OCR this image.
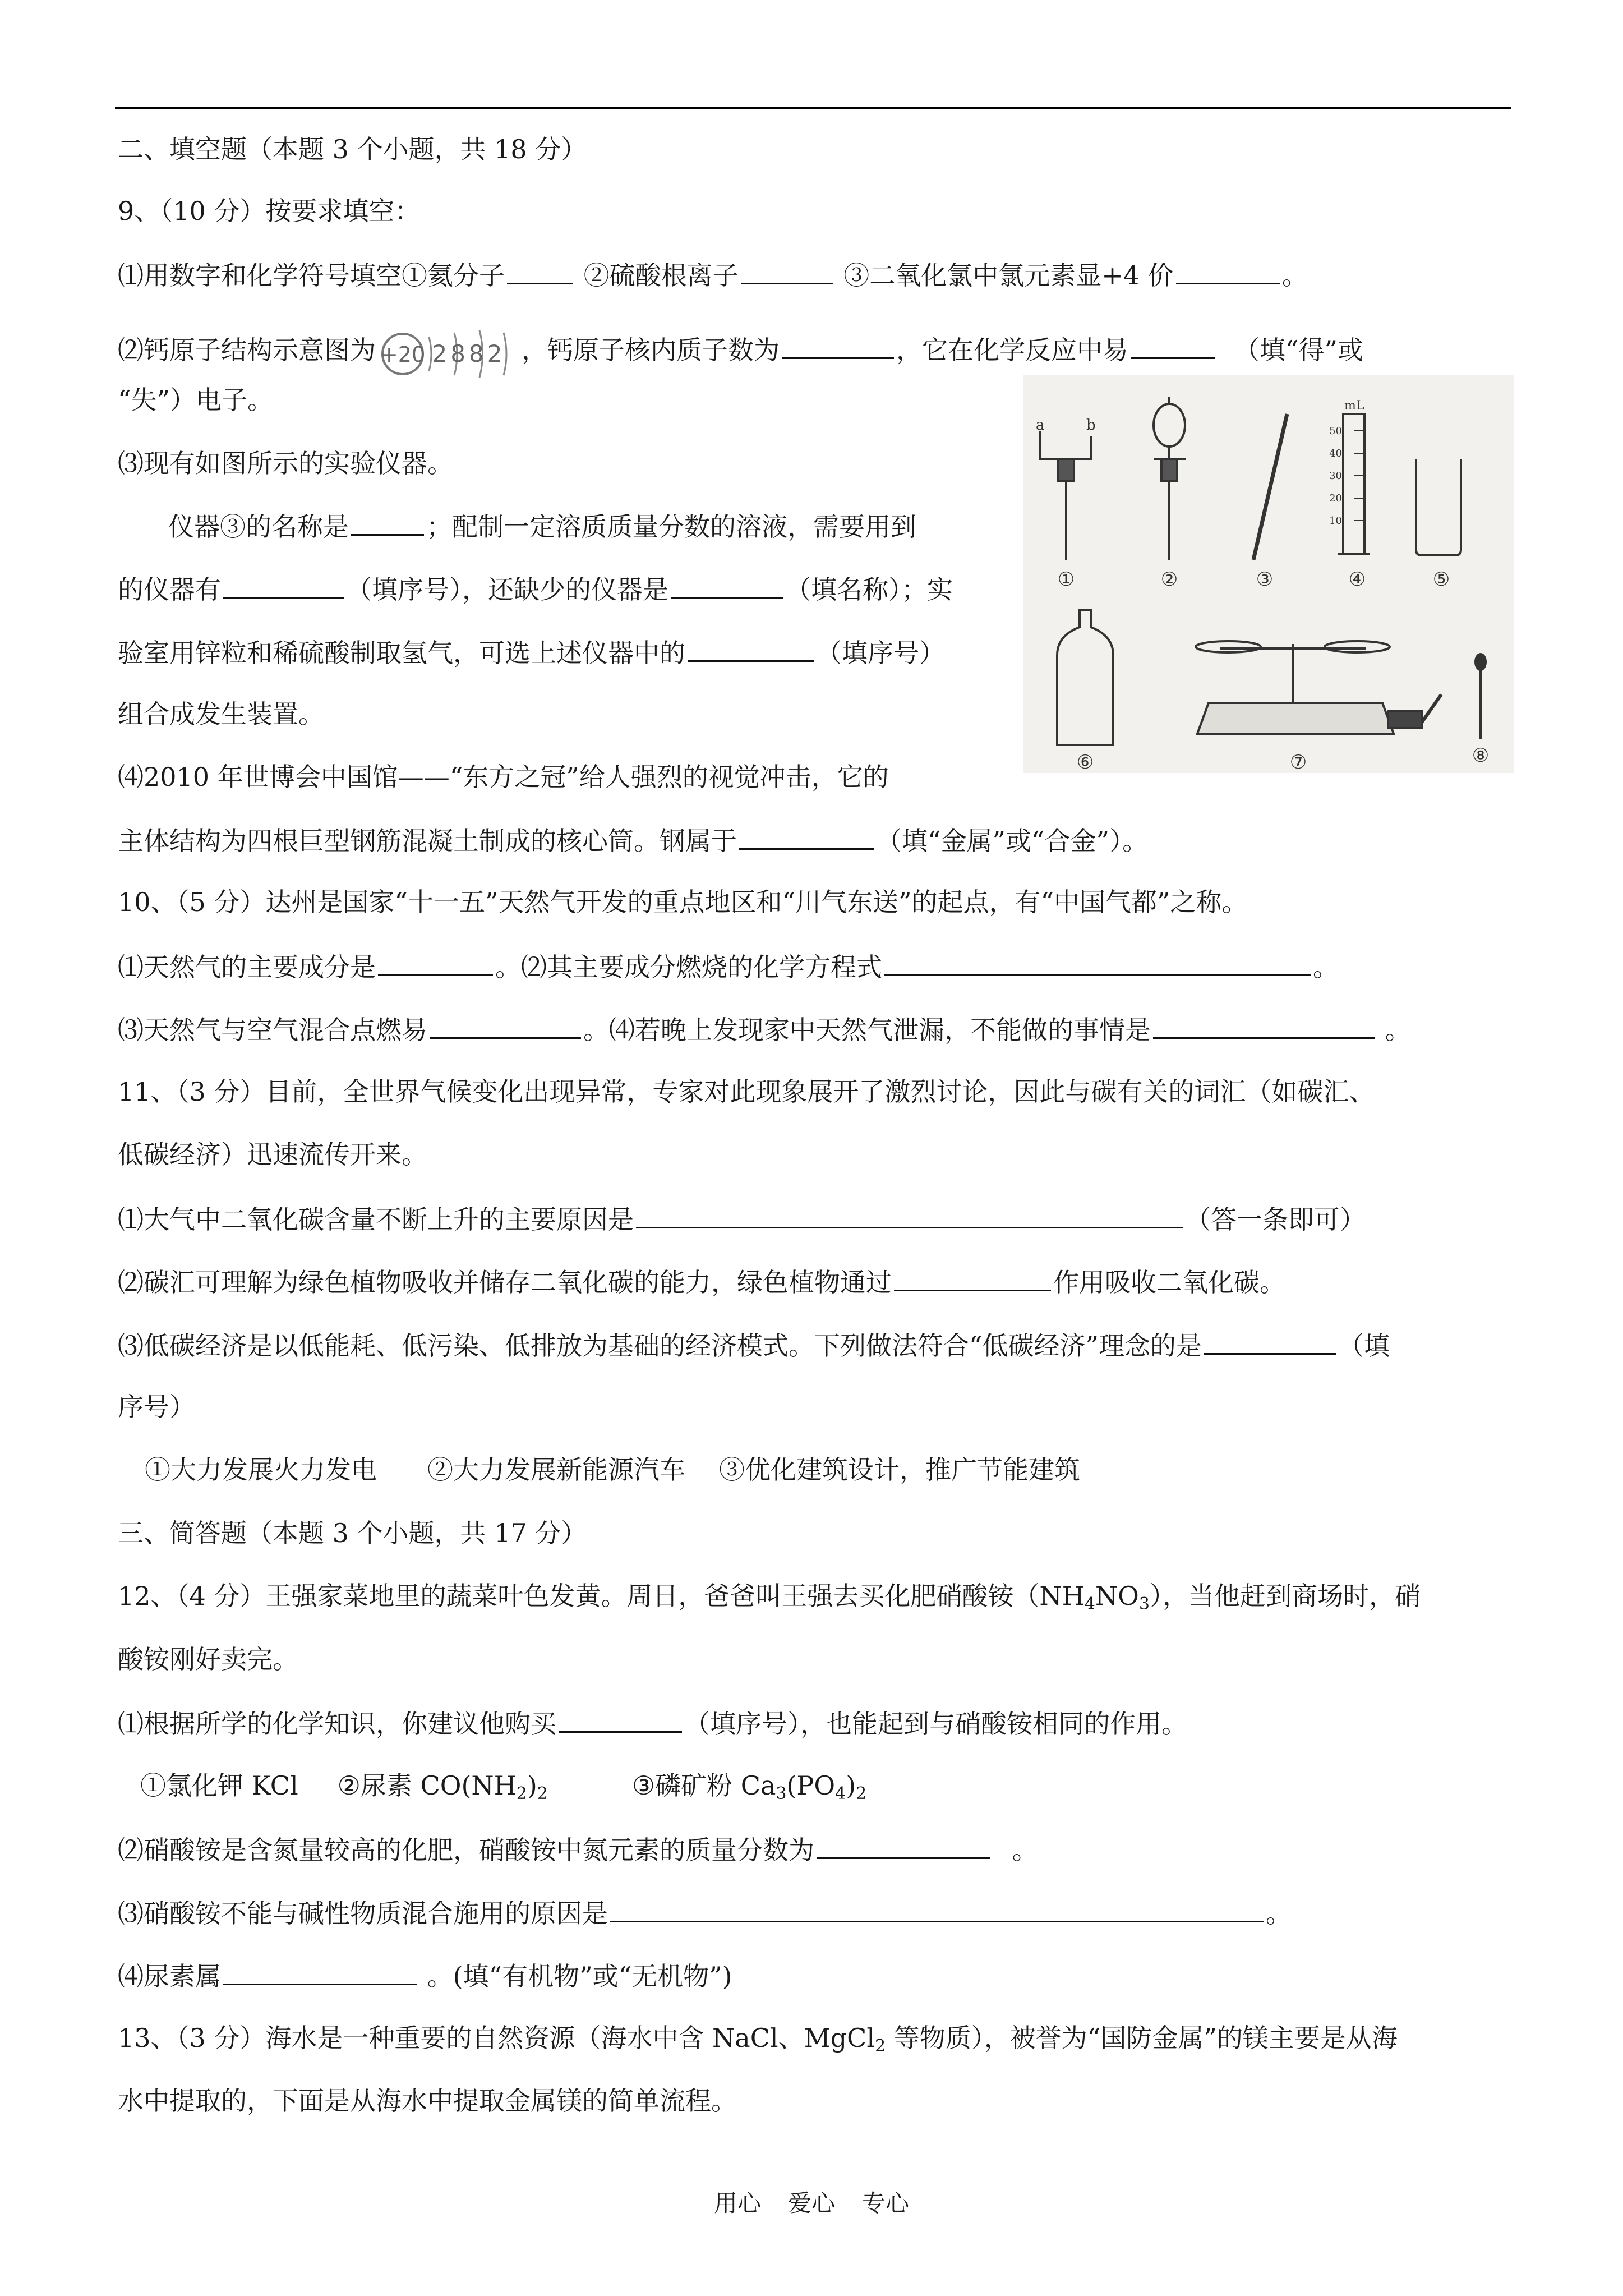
二、填空题（本题 3 个小题，共 18 分）
9、（10 分）按要求填空：
⑴用数字和化学符号填空①氦分子	②硫酸根离子	③二氧化氯中氯元素显+4 价	。
⑵钙原子结构示意图为 +20 2882 ，钙原子核内质子数为	，它在化学反应中易	（填“得”或
“失”）电子。
⑶现有如图所示的实验仪器。
仪器③的名称是	；配制一定溶质质量分数的溶液，需要用到
的仪器有	（填序号），还缺少的仪器是	（填名称）；实
验室用锌粒和稀硫酸制取氢气，可选上述仪器中的	（填序号）
组合成发生装置。
⑷2010 年世博会中国馆——“东方之冠”给人强烈的视觉冲击，它的
主体结构为四根巨型钢筋混凝土制成的核心筒。钢属于	（填“金属”或“合金”）。
a	b
mL
50
40
30
20
10
①	②	③	④	⑤
⑥	⑦	⑧
10、（5 分）达州是国家“十一五”天然气开发的重点地区和“川气东送”的起点，有“中国气都”之称。
⑴天然气的主要成分是	。⑵其主要成分燃烧的化学方程式	。
⑶天然气与空气混合点燃易	。⑷若晚上发现家中天然气泄漏，不能做的事情是	。
11、（3 分）目前，全世界气候变化出现异常，专家对此现象展开了激烈讨论，因此与碳有关的词汇（如碳汇、
低碳经济）迅速流传开来。
⑴大气中二氧化碳含量不断上升的主要原因是	（答一条即可）
⑵碳汇可理解为绿色植物吸收并储存二氧化碳的能力，绿色植物通过	作用吸收二氧化碳。
⑶低碳经济是以低能耗、低污染、低排放为基础的经济模式。下列做法符合“低碳经济”理念的是	（填
序号）
①大力发展火力发电 ②大力发展新能源汽车 ③优化建筑设计，推广节能建筑
三、简答题（本题 3 个小题，共 17 分）
12、（4 分）王强家菜地里的蔬菜叶色发黄。周日，爸爸叫王强去买化肥硝酸铵$(NH_4NO_3)$，当他赶到商场时，硝
酸铵刚好卖完。
⑴根据所学的化学知识，你建议他购买	（填序号），也能起到与硝酸铵相同的作用。
①氯化钾 KCl ②尿素 $CO(NH_2)_2$	③磷矿粉 $Ca_3(PO_4)_2$
⑵硝酸铵是含氮量较高的化肥，硝酸铵中氮元素的质量分数为	。
⑶硝酸铵不能与碱性物质混合施用的原因是	。
⑷尿素属	。(填“有机物”或“无机物”)
13、（3 分）海水是一种重要的自然资源（海水中含 NaCl、MgCl$_2$ 等物质），被誉为“国防金属”的镁主要是从海
水中提取的，下面是从海水中提取金属镁的简单流程。
用心 爱心 专心
